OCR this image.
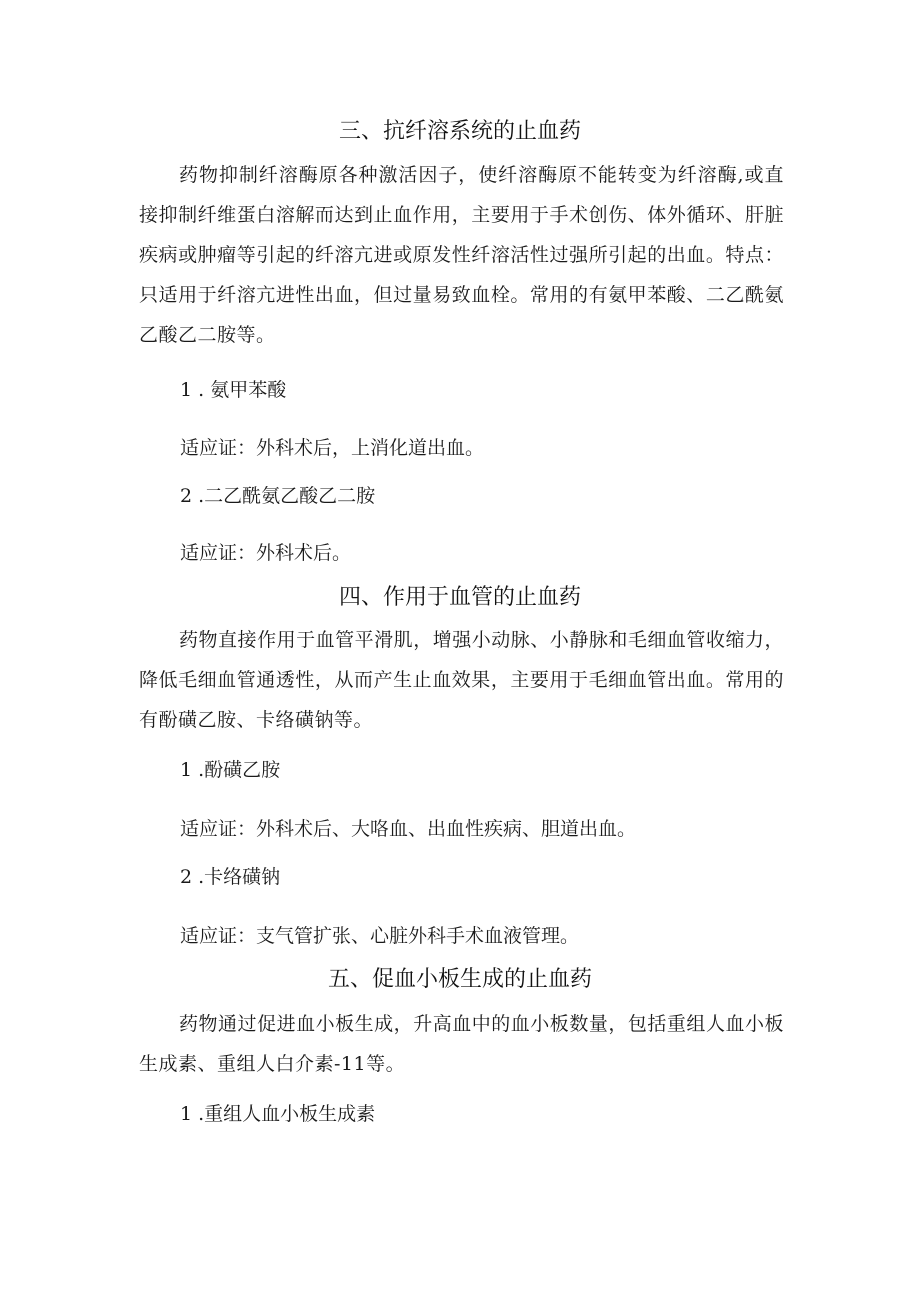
三、抗纤溶系统的止血药

药物抑制纤溶酶原各种激活因子，使纤溶酶原不能转变为纤溶酶,或直接抑制纤维蛋白溶解而达到止血作用，主要用于手术创伤、体外循环、肝脏疾病或肿瘤等引起的纤溶亢进或原发性纤溶活性过强所引起的出血。特点：只适用于纤溶亢进性出血，但过量易致血栓。常用的有氨甲苯酸、二乙酰氨乙酸乙二胺等。

1 . 氨甲苯酸

适应证：外科术后，上消化道出血。

2 .二乙酰氨乙酸乙二胺

适应证：外科术后。

四、作用于血管的止血药

药物直接作用于血管平滑肌，增强小动脉、小静脉和毛细血管收缩力，降低毛细血管通透性，从而产生止血效果，主要用于毛细血管出血。常用的有酚磺乙胺、卡络磺钠等。

1 .酚磺乙胺

适应证：外科术后、大咯血、出血性疾病、胆道出血。

2 .卡络磺钠

适应证：支气管扩张、心脏外科手术血液管理。

五、促血小板生成的止血药

药物通过促进血小板生成，升高血中的血小板数量，包括重组人血小板生成素、重组人白介素-11等。

1 .重组人血小板生成素
